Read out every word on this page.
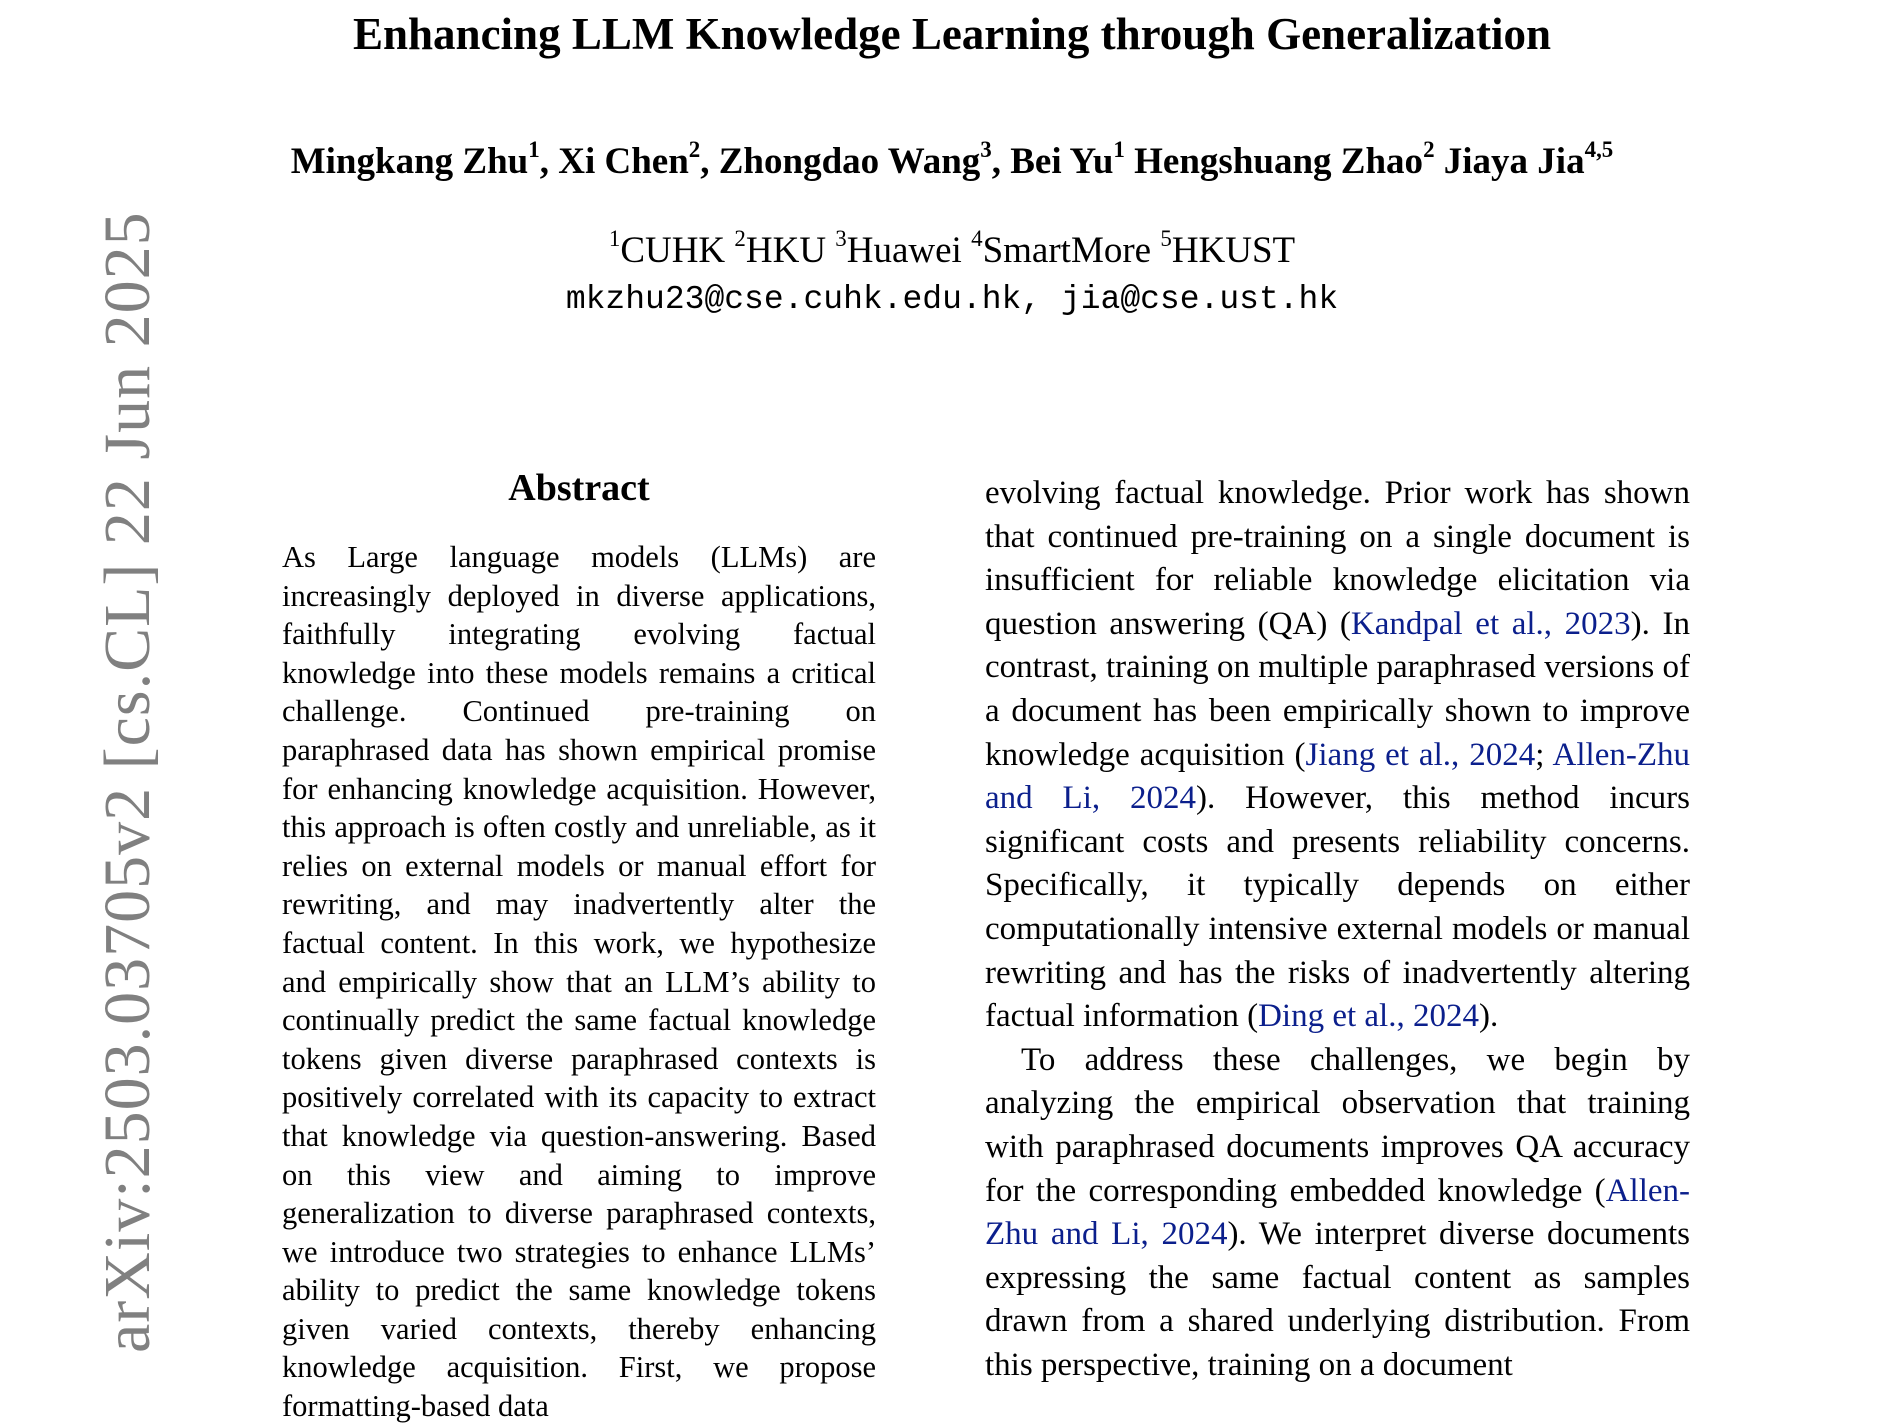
Enhancing LLM Knowledge Learning through Generalization
Mingkang Zhu$^1$, Xi Chen$^2$, Zhongdao Wang$^3$, Bei Yu$^1$ Hengshuang Zhao$^2$ Jiaya Jia$^{4,5}$
$^1$CUHK $^2$HKU $^3$Huawei $^4$SmartMore $^5$HKUST
mkzhu23@cse.cuhk.edu.hk, jia@cse.ust.hk
arXiv:2503.03705v2 [cs.CL] 22 Jun 2025	Abstract

As Large language models (LLMs) are increasingly deployed in diverse applications, faithfully integrating evolving factual knowledge into these models remains a critical challenge. Continued pre-training on paraphrased data has shown empirical promise for enhancing knowledge acquisition. However, this approach is often costly and unreliable, as it relies on external models or manual effort for rewriting, and may inadvertently alter the factual content. In this work, we hypothesize and empirically show that an LLM’s ability to continually predict the same factual knowledge tokens given diverse paraphrased contexts is positively correlated with its capacity to extract that knowledge via question-answering. Based on this view and aiming to improve generalization to diverse paraphrased contexts, we introduce two strategies to enhance LLMs’ ability to predict the same knowledge tokens given varied contexts, thereby enhancing knowledge acquisition. First, we propose formatting-based data

evolving factual knowledge. Prior work has shown that continued pre-training on a single document is insufficient for reliable knowledge elicitation via question answering (QA) (Kandpal et al., 2023). In contrast, training on multiple paraphrased versions of a document has been empirically shown to improve knowledge acquisition (Jiang et al., 2024; Allen-Zhu and Li, 2024). However, this method incurs significant costs and presents reliability concerns. Specifically, it typically depends on either computationally intensive external models or manual rewriting and has the risks of inadvertently altering factual information (Ding et al., 2024).

To address these challenges, we begin by analyzing the empirical observation that training with paraphrased documents improves QA accuracy for the corresponding embedded knowledge (Allen-Zhu and Li, 2024). We interpret diverse documents expressing the same factual content as samples drawn from a shared underlying distribution. From this perspective, training on a document
